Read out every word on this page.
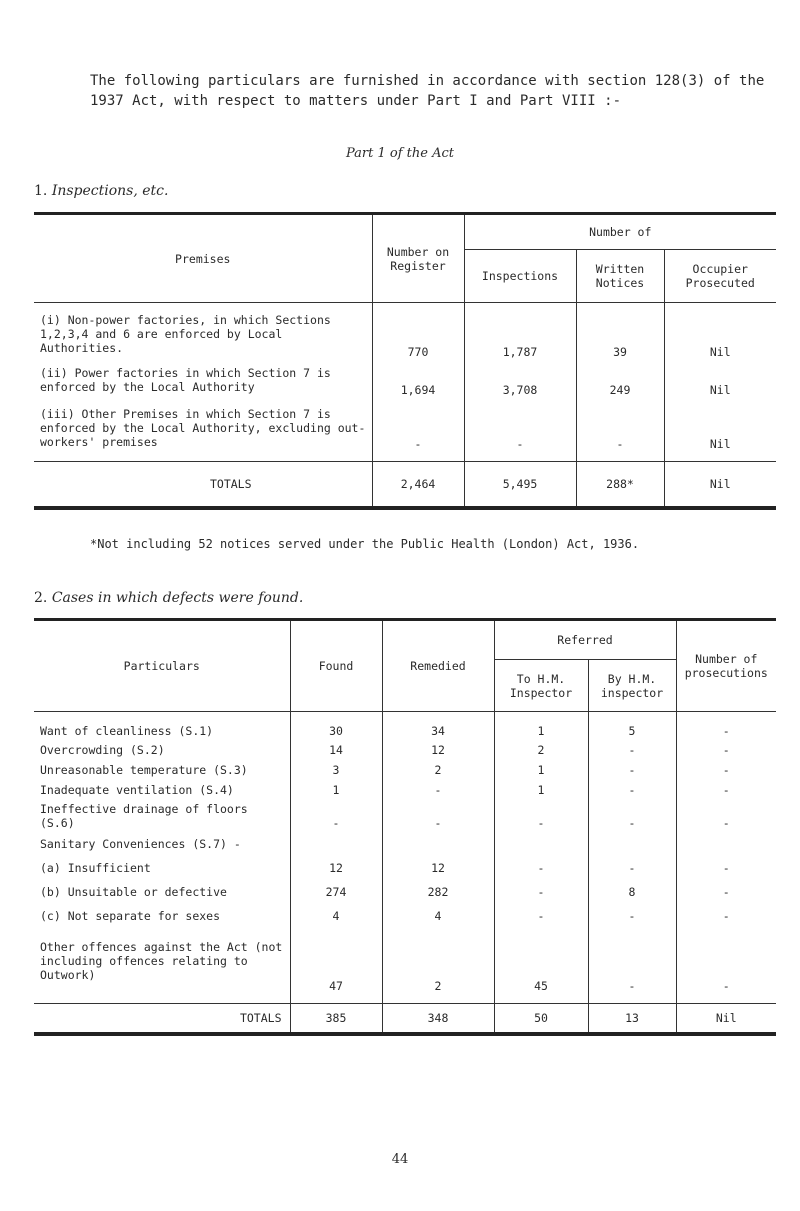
The following particulars are furnished in accordance with section 128(3) of the 1937 Act, with respect to matters under Part I and Part VIII :-
Part 1 of the Act
1. Inspections, etc.
Premises	Number on Register	Number of		
		Inspections	Written Notices	Occupier Prosecuted
(i) Non-power factories, in which Sections 1,2,3,4 and 6 are enforced by Local Authorities.	770	1,787	39	Nil
(ii) Power factories in which Section 7 is enforced by the Local Authority	1,694	3,708	249	Nil
(iii) Other Premises in which Section 7 is enforced by the Local Authority, excluding out-workers' premises	-	-	-	Nil
TOTALS	2,464	5,495	288*	Nil
*Not including 52 notices served under the Public Health (London) Act, 1936.
2. Cases in which defects were found.
Particulars	Found	Remedied	Referred		Number of prosecutions
			To H.M. Inspector	By H.M. inspector	
Want of cleanliness (S.1)	30	34	1	5	-
Overcrowding (S.2)	14	12	2	-	-
Unreasonable temperature (S.3)	3	2	1	-	-
Inadequate ventilation (S.4)	1	-	1	-	-
Ineffective drainage of floors (S.6)	-	-	-	-	-
Sanitary Conveniences (S.7) -					
(a) Insufficient	12	12	-	-	-
(b) Unsuitable or defective	274	282	-	8	-
(c) Not separate for sexes	4	4	-	-	-
Other offences against the Act (not including offences relating to Outwork)	47	2	45	-	-
TOTALS	385	348	50	13	Nil
44
